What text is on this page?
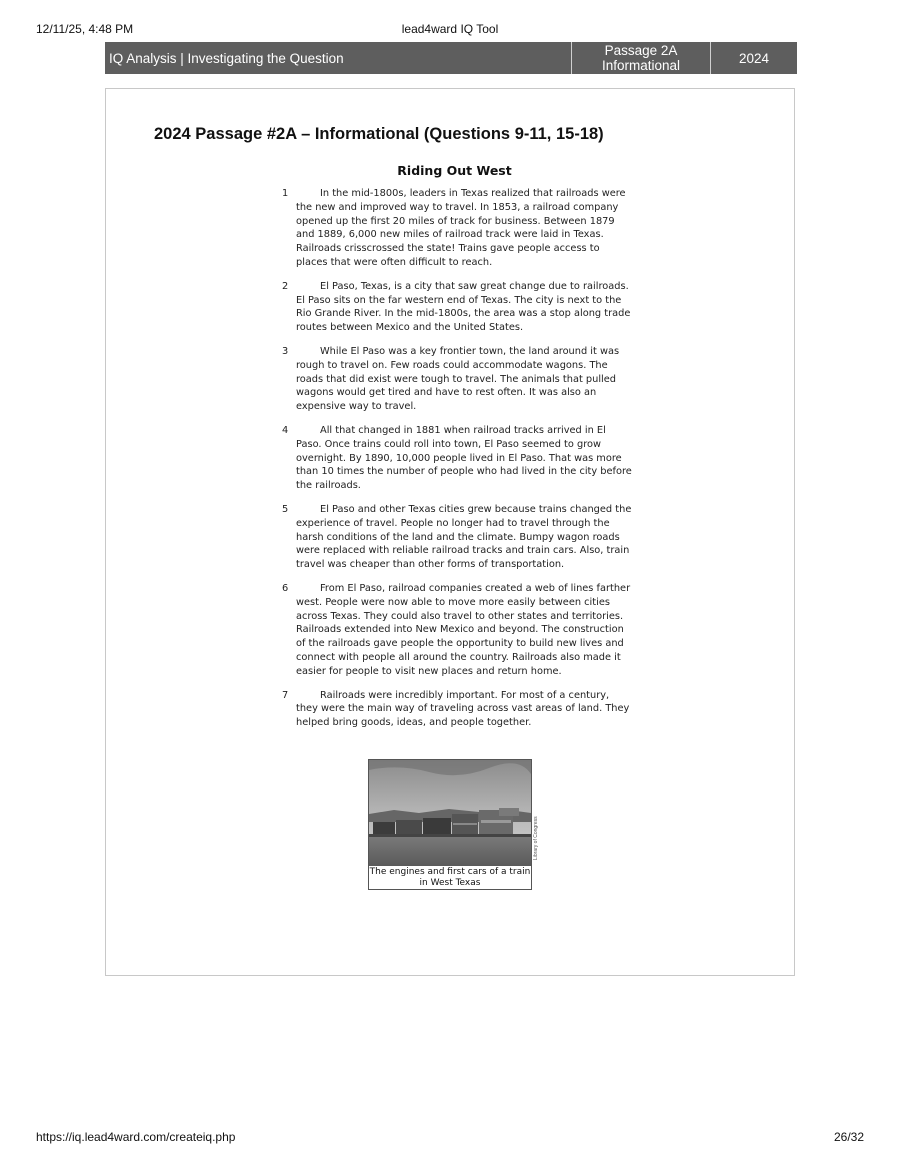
12/11/25, 4:48 PM	lead4ward IQ Tool
IQ Analysis | Investigating the Question	Passage 2A
Informational	2024
2024 Passage #2A – Informational (Questions 9-11, 15-18)
Riding Out West
1	In the mid-1800s, leaders in Texas realized that railroads were the new and improved way to travel. In 1853, a railroad company opened up the first 20 miles of track for business. Between 1879 and 1889, 6,000 new miles of railroad track were laid in Texas. Railroads crisscrossed the state! Trains gave people access to places that were often difficult to reach.

2	El Paso, Texas, is a city that saw great change due to railroads. El Paso sits on the far western end of Texas. The city is next to the Rio Grande River. In the mid-1800s, the area was a stop along trade routes between Mexico and the United States.

3	While El Paso was a key frontier town, the land around it was rough to travel on. Few roads could accommodate wagons. The roads that did exist were tough to travel. The animals that pulled wagons would get tired and have to rest often. It was also an expensive way to travel.

4	All that changed in 1881 when railroad tracks arrived in El Paso. Once trains could roll into town, El Paso seemed to grow overnight. By 1890, 10,000 people lived in El Paso. That was more than 10 times the number of people who had lived in the city before the railroads.

5	El Paso and other Texas cities grew because trains changed the experience of travel. People no longer had to travel through the harsh conditions of the land and the climate. Bumpy wagon roads were replaced with reliable railroad tracks and train cars. Also, train travel was cheaper than other forms of transportation.

6	From El Paso, railroad companies created a web of lines farther west. People were now able to move more easily between cities across Texas. They could also travel to other states and territories. Railroads extended into New Mexico and beyond. The construction of the railroads gave people the opportunity to build new lives and connect with people all around the country. Railroads also made it easier for people to visit new places and return home.

7	Railroads were incredibly important. For most of a century, they were the main way of traveling across vast areas of land. They helped bring goods, ideas, and people together.

The engines and first cars of a train
in West Texas
Library of Congress
https://iq.lead4ward.com/createiq.php	26/32
